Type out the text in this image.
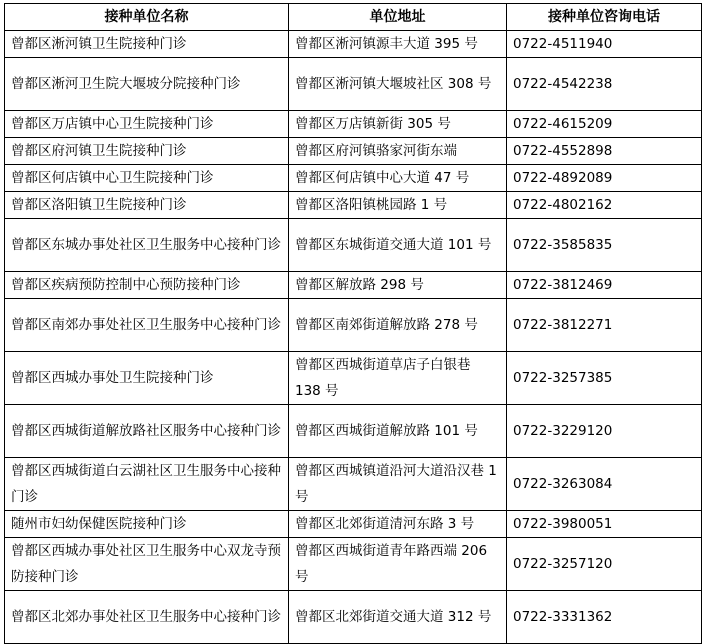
接种单位名称	单位地址	接种单位咨询电话
曾都区淅河镇卫生院接种门诊	曾都区淅河镇源丰大道 395 号	0722-4511940
曾都区淅河卫生院大堰坡分院接种门诊	曾都区淅河镇大堰坡社区 308 号	0722-4542238
曾都区万店镇中心卫生院接种门诊	曾都区万店镇新街 305 号	0722-4615209
曾都区府河镇卫生院接种门诊	曾都区府河镇骆家河街东端	0722-4552898
曾都区何店镇中心卫生院接种门诊	曾都区何店镇中心大道 47 号	0722-4892089
曾都区洛阳镇卫生院接种门诊	曾都区洛阳镇桃园路 1 号	0722-4802162
曾都区东城办事处社区卫生服务中心接种门诊	曾都区东城街道交通大道 101 号	0722-3585835
曾都区疾病预防控制中心预防接种门诊	曾都区解放路 298 号	0722-3812469
曾都区南郊办事处社区卫生服务中心接种门诊	曾都区南郊街道解放路 278 号	0722-3812271
曾都区西城办事处卫生院接种门诊	曾都区西城街道草店子白银巷 138 号	0722-3257385
曾都区西城街道解放路社区服务中心接种门诊	曾都区西城街道解放路 101 号	0722-3229120
曾都区西城街道白云湖社区卫生服务中心接种门诊	曾都区西城镇道沿河大道沿汉巷 1 号	0722-3263084
随州市妇幼保健医院接种门诊	曾都区北郊街道清河东路 3 号	0722-3980051
曾都区西城办事处社区卫生服务中心双龙寺预防接种门诊	曾都区西城街道青年路西端 206 号	0722-3257120
曾都区北郊办事处社区卫生服务中心接种门诊	曾都区北郊街道交通大道 312 号	0722-3331362
